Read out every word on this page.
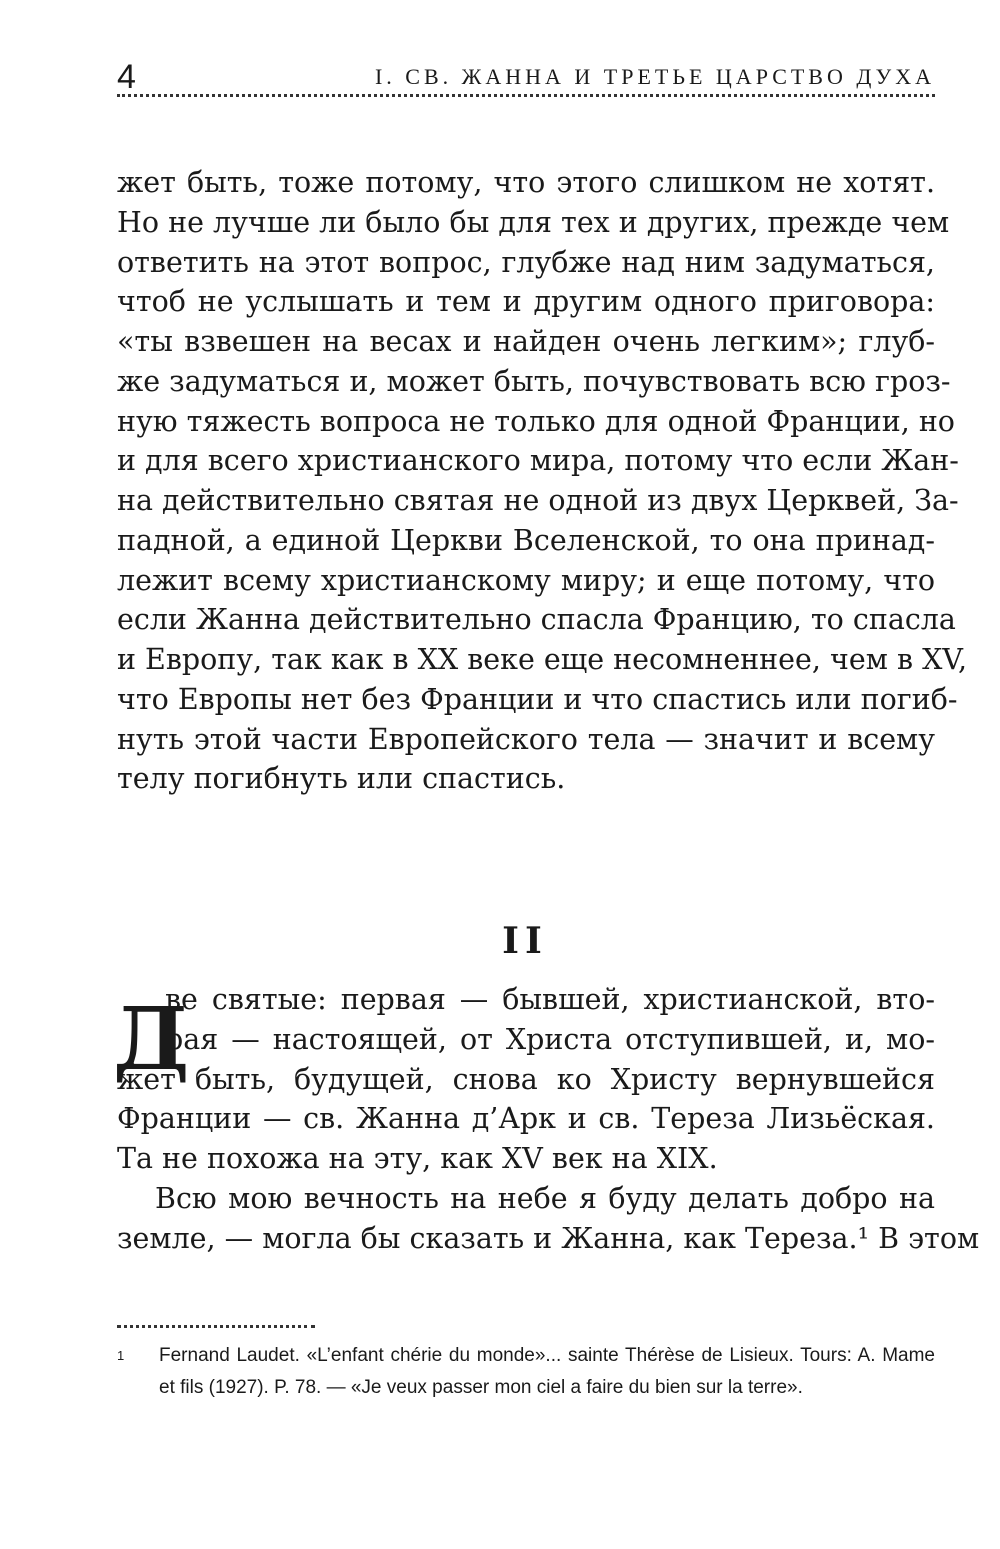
4	I. СВ. ЖАННА И ТРЕТЬЕ ЦАРСТВО ДУХА
жет быть, тоже потому, что этого слишком не хотят.
Но не лучше ли было бы для тех и других, прежде чем
ответить на этот вопрос, глубже над ним задуматься,
чтоб не услышать и тем и другим одного приговора:
«ты взвешен на весах и найден очень легким»; глуб-
же задуматься и, может быть, почувствовать всю гроз-
ную тяжесть вопроса не только для одной Франции, но
и для всего христианского мира, потому что если Жан-
на действительно святая не одной из двух Церквей, За-
падной, а единой Церкви Вселенской, то она принад-
лежит всему христианскому миру; и еще потому, что
если Жанна действительно спасла Францию, то спасла
и Европу, так как в XX веке еще несомненнее, чем в XV,
что Европы нет без Франции и что спастись или погиб-
нуть этой части Европейского тела — значит и всему
телу погибнуть или спастись.
II
Д
ве святые: первая — бывшей, христианской, вто-
рая — настоящей, от Христа отступившей, и, мо-
жет быть, будущей, снова ко Христу вернувшейся
Франции — св. Жанна д’Арк и св. Тереза Лизьёская.
Та не похожа на эту, как XV век на XIX.
Всю мою вечность на небе я буду делать добро на
земле, — могла бы сказать и Жанна, как Тереза.¹ В этом
1	Fernand Laudet. «L’enfant chérie du monde»... sainte Thérèse de Lisieux. Tours: A. Mame et fils (1927). P. 78. — «Je veux passer mon ciel a faire du bien sur la terre».
